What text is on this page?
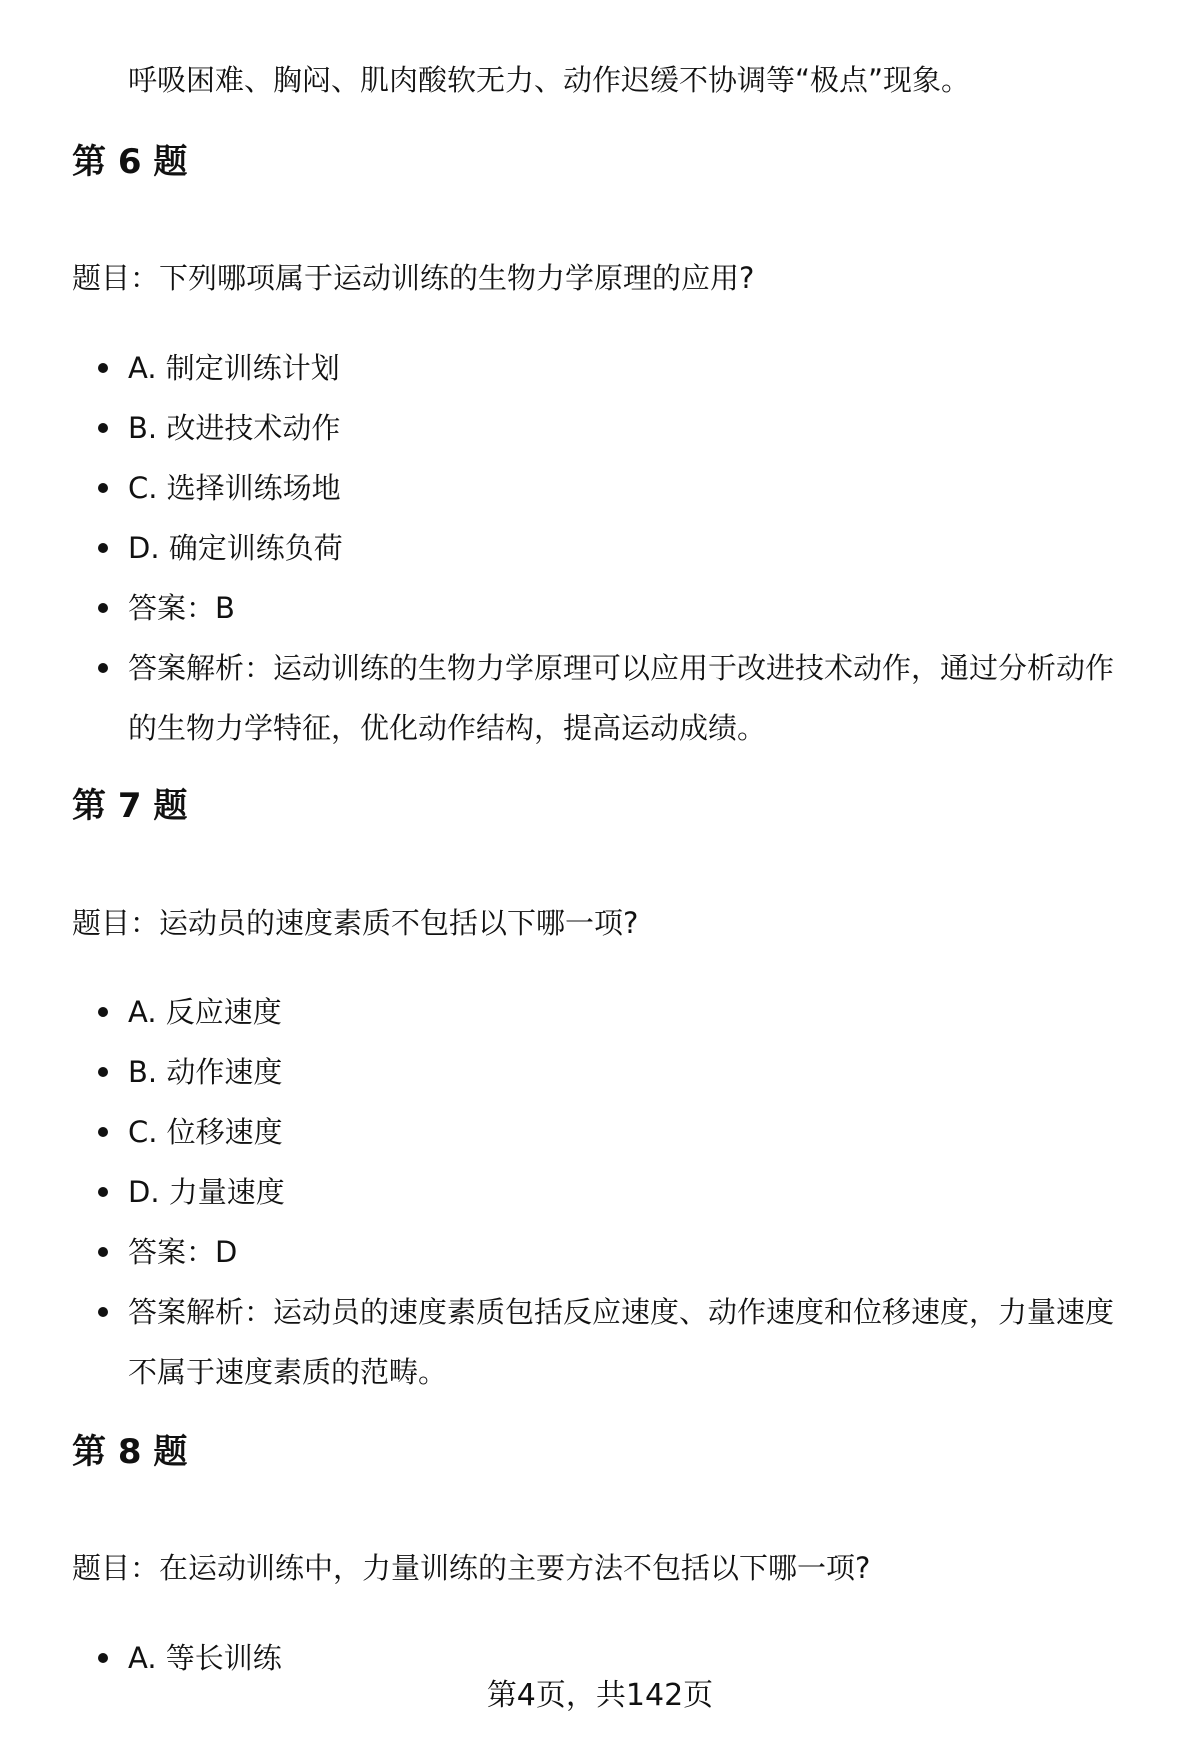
呼吸困难、胸闷、肌肉酸软无力、动作迟缓不协调等“极点”现象。
第 6 题

题目：下列哪项属于运动训练的生物力学原理的应用?

A. 制定训练计划
B. 改进技术动作
C. 选择训练场地
D. 确定训练负荷
答案：B
答案解析：运动训练的生物力学原理可以应用于改进技术动作，通过分析动作的生物力学特征，优化动作结构，提高运动成绩。
第 7 题

题目：运动员的速度素质不包括以下哪一项?

A. 反应速度
B. 动作速度
C. 位移速度
D. 力量速度
答案：D
答案解析：运动员的速度素质包括反应速度、动作速度和位移速度，力量速度不属于速度素质的范畴。
第 8 题

题目：在运动训练中，力量训练的主要方法不包括以下哪一项?

A. 等长训练
第4页，共142页
